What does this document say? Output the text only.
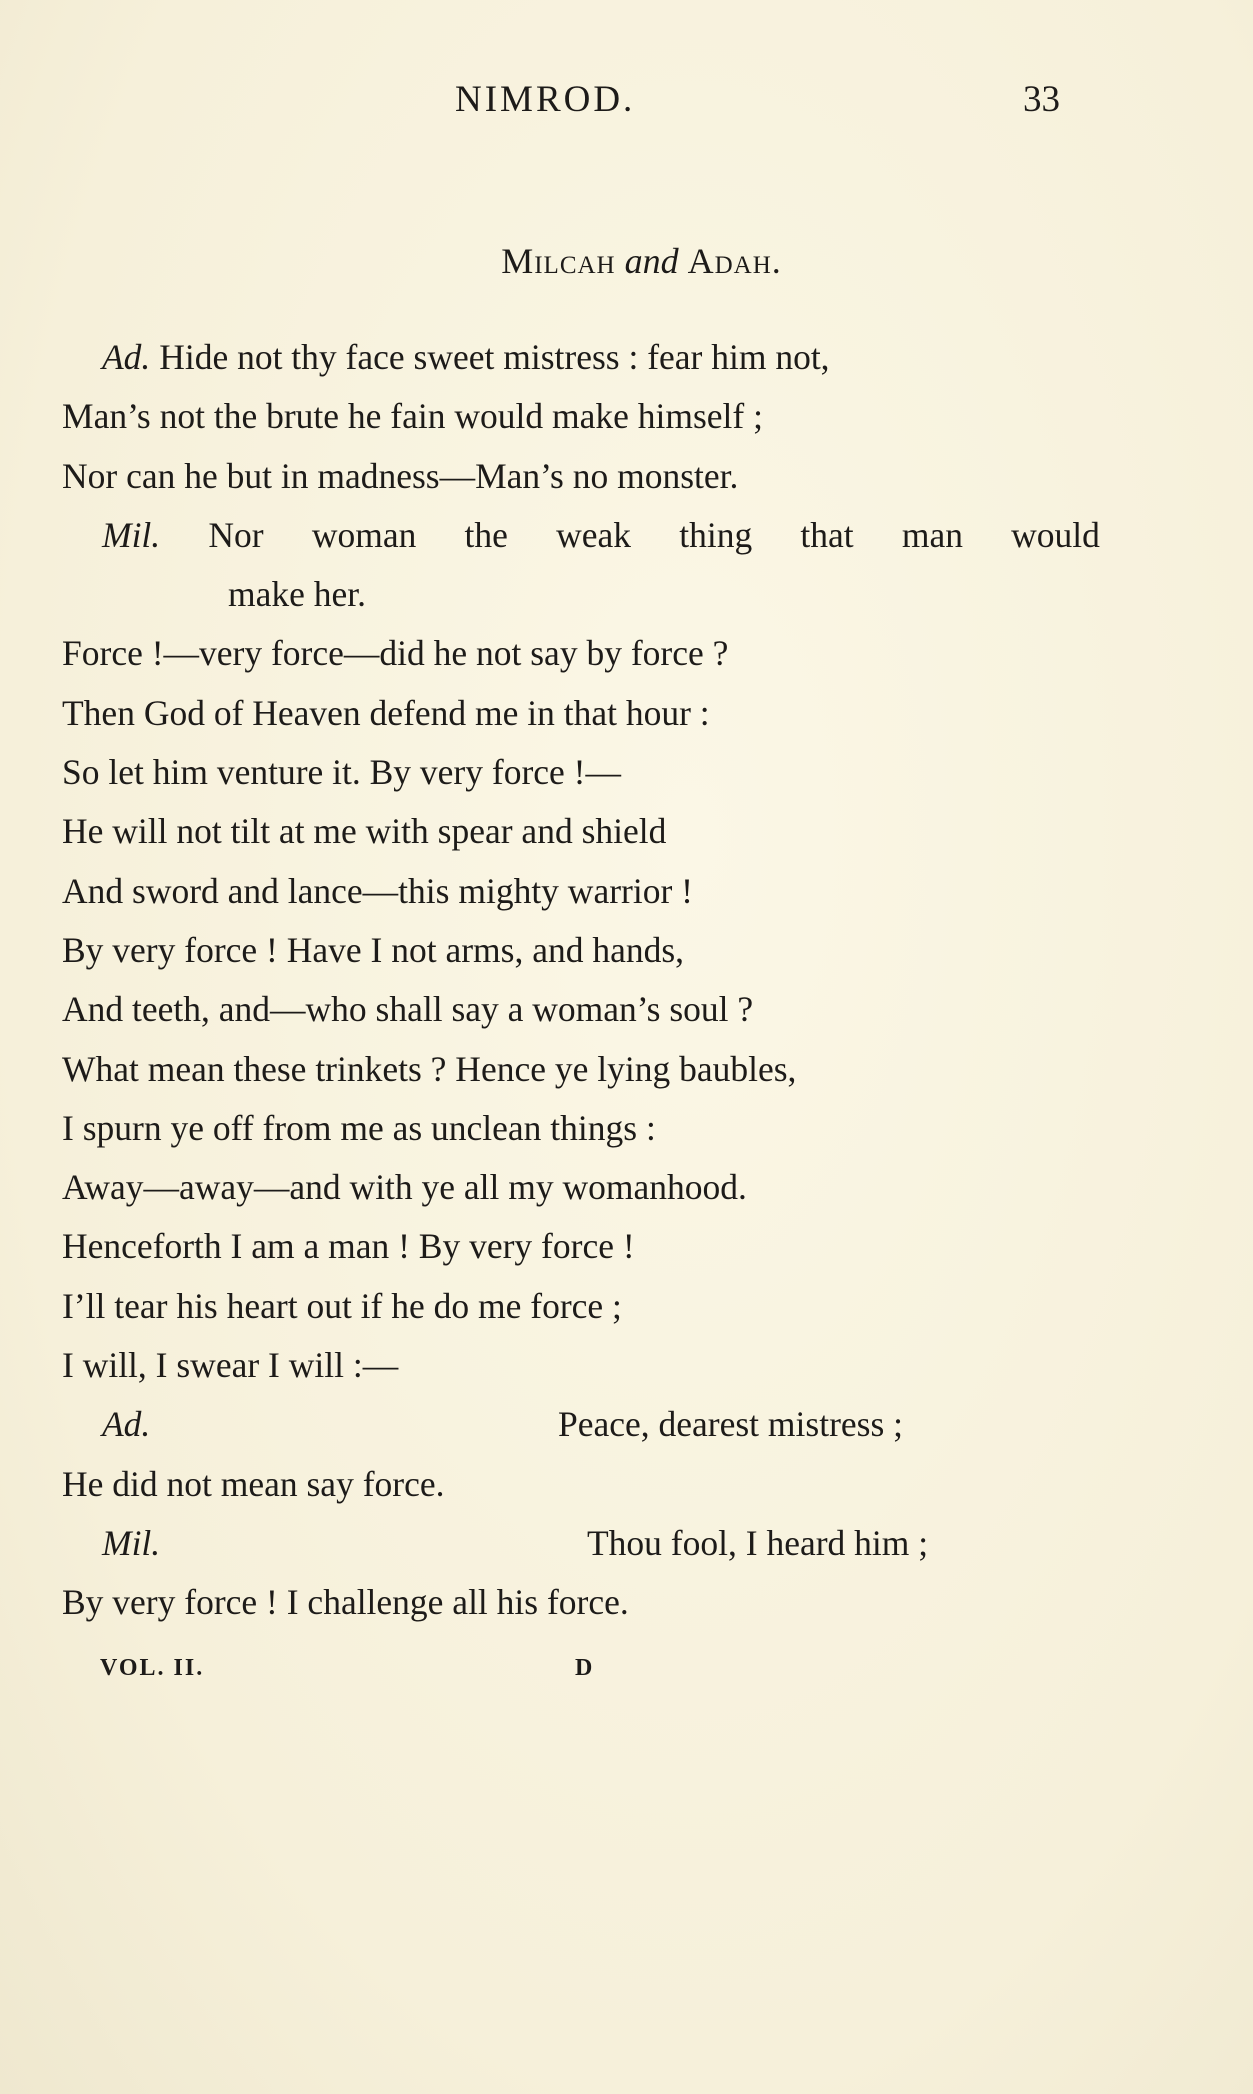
NIMROD.	33
Milcah and Adah.
Ad. Hide not thy face sweet mistress : fear him not,
Man’s not the brute he fain would make himself ;
Nor can he but in madness—Man’s no monster.
Mil. Nor woman the weak thing that man would
make her.
Force !—very force—did he not say by force ?
Then God of Heaven defend me in that hour :
So let him venture it. By very force !—
He will not tilt at me with spear and shield
And sword and lance—this mighty warrior !
By very force ! Have I not arms, and hands,
And teeth, and—who shall say a woman’s soul ?
What mean these trinkets ? Hence ye lying baubles,
I spurn ye off from me as unclean things :
Away—away—and with ye all my womanhood.
Henceforth I am a man ! By very force !
I’ll tear his heart out if he do me force ;
I will, I swear I will :—
Ad.	Peace, dearest mistress ;
He did not mean say force.
Mil.	Thou fool, I heard him ;
By very force ! I challenge all his force.
VOL. II.	D
